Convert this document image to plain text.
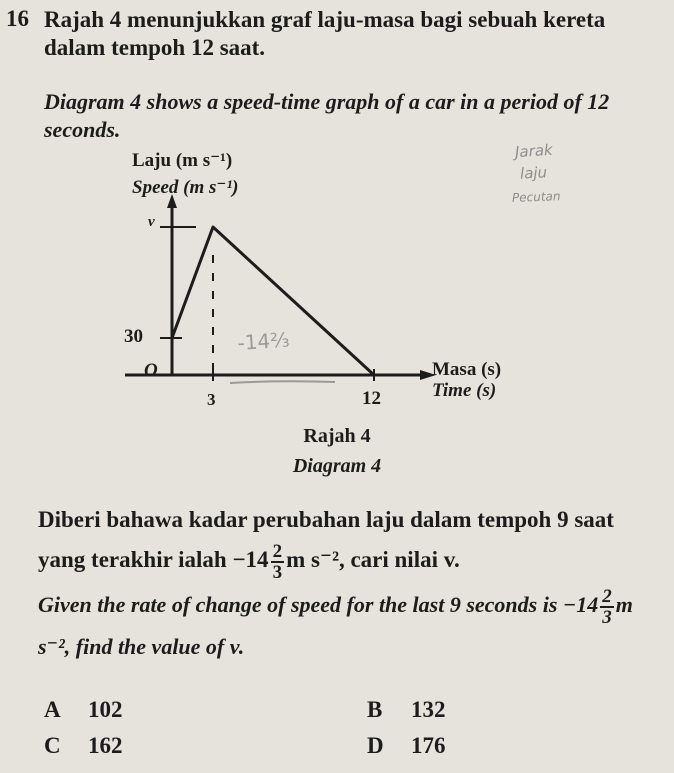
16 Rajah 4 menunjukkan graf laju-masa bagi sebuah kereta dalam tempoh 12 saat.
Diagram 4 shows a speed-time graph of a car in a period of 12 seconds.
Jarak
laju
Pecutan
-14⅔
Laju (m s⁻¹)
Speed (m s⁻¹)
v
30
O
3	12
Masa (s)
Time (s)
Rajah 4
Diagram 4
Diberi bahawa kadar perubahan laju dalam tempoh 9 saat yang terakhir ialah $-14 \frac{2}{3}$ m s⁻², cari nilai v.
Given the rate of change of speed for the last 9 seconds is $-14 \frac{2}{3}$ m s⁻², find the value of v.
A 102	B 132
C 162	D 176
